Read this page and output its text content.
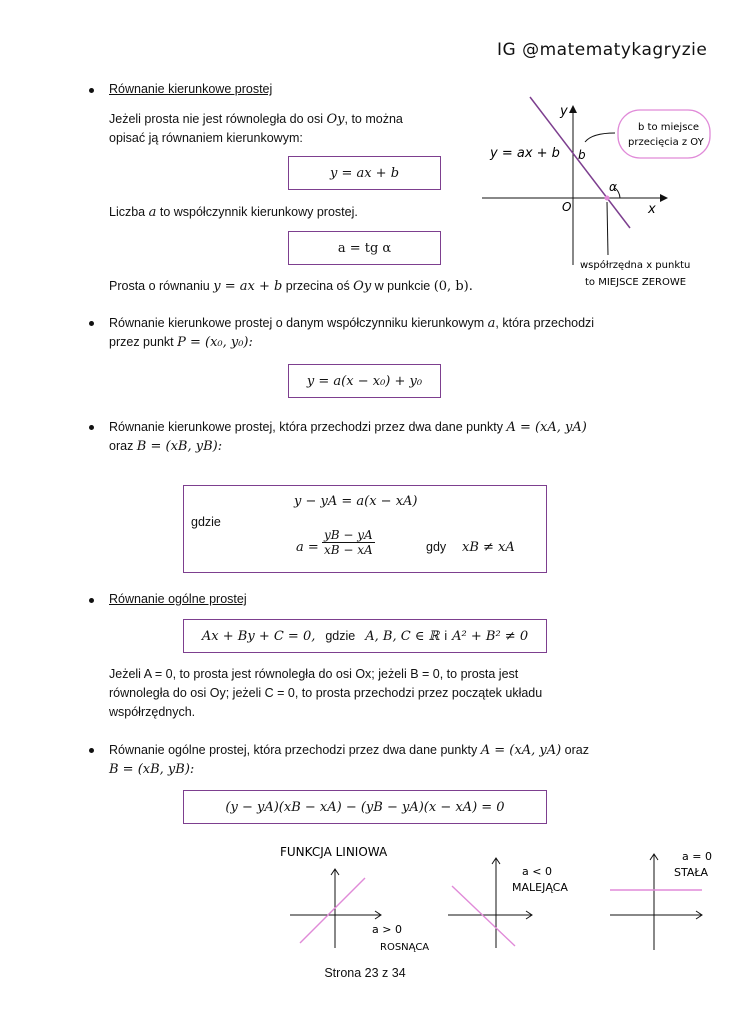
IG @matematykagryzie
Równanie kierunkowe prostej
Jeżeli prosta nie jest równoległa do osi Oy, to można
opisać ją równaniem kierunkowym:
y = ax + b
Liczba a to współczynnik kierunkowy prostej.
a = tg α
Prosta o równaniu y = ax + b przecina oś Oy w punkcie (0, b).
y
x
O
b
α
y = ax + b
b to miejsce
przecięcia z OY
współrzędna x punktu
to MIEJSCE ZEROWE
Równanie kierunkowe prostej o danym współczynniku kierunkowym a, która przechodzi
przez punkt P = (x₀, y₀):
y = a(x − x₀) + y₀
Równanie kierunkowe prostej, która przechodzi przez dwa dane punkty A = (xA, yA)
oraz B = (xB, yB):
y − yA = a(x − xA)
gdzie
$a = \frac{yB - yA}{xB - xA}$	gdy xB ≠ xA
Równanie ogólne prostej
Ax + By + C = 0, gdzie A, B, C ∈ ℝ i A² + B² ≠ 0
Jeżeli A = 0, to prosta jest równoległa do osi Ox; jeżeli B = 0, to prosta jest
równoległa do osi Oy; jeżeli C = 0, to prosta przechodzi przez początek układu
współrzędnych.
Równanie ogólne prostej, która przechodzi przez dwa dane punkty A = (xA, yA) oraz
B = (xB, yB):
(y − yA)(xB − xA) − (yB − yA)(x − xA) = 0
FUNKCJA LINIOWA
a > 0
ROSNĄCA
a < 0
MALEJĄCA
a = 0
STAŁA
Strona 23 z 34
